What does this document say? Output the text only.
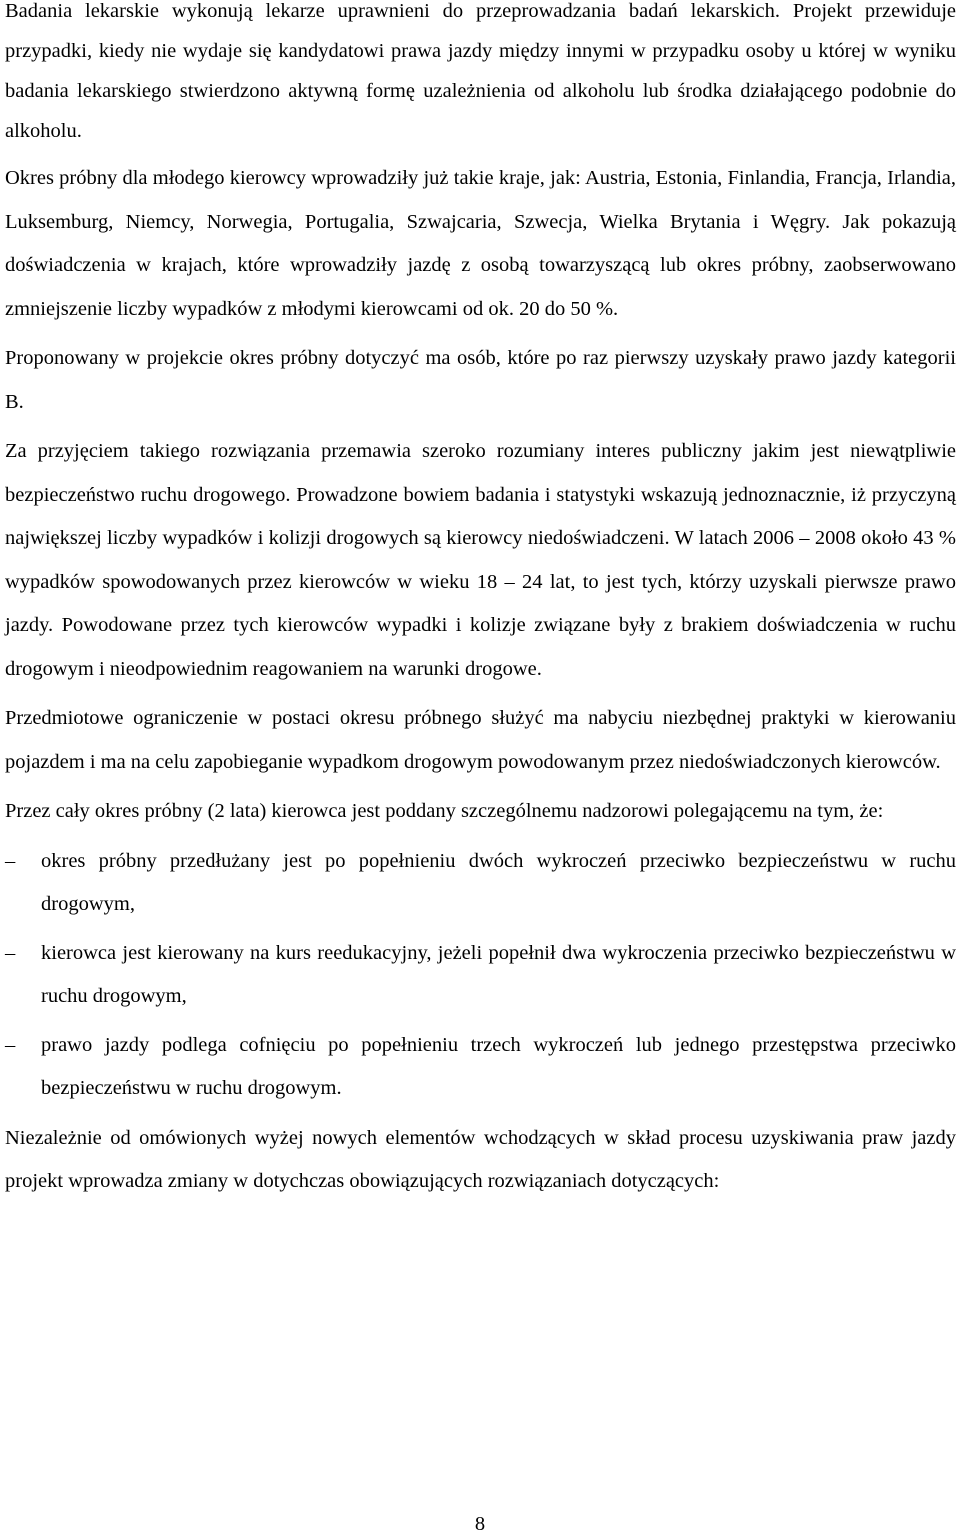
Badania lekarskie wykonują lekarze uprawnieni do przeprowadzania badań lekarskich. Projekt przewiduje przypadki, kiedy nie wydaje się kandydatowi prawa jazdy między innymi w przypadku osoby u której w wyniku badania lekarskiego stwierdzono aktywną formę uzależnienia od alkoholu lub środka działającego podobnie do alkoholu.

Okres próbny dla młodego kierowcy wprowadziły już takie kraje, jak: Austria, Estonia, Finlandia, Francja, Irlandia, Luksemburg, Niemcy, Norwegia, Portugalia, Szwajcaria, Szwecja, Wielka Brytania i Węgry. Jak pokazują doświadczenia w krajach, które wprowadziły jazdę z osobą towarzyszącą lub okres próbny, zaobserwowano zmniejszenie liczby wypadków z młodymi kierowcami od ok. 20 do 50 %.

Proponowany w projekcie okres próbny dotyczyć ma osób, które po raz pierwszy uzyskały prawo jazdy kategorii B.

Za przyjęciem takiego rozwiązania przemawia szeroko rozumiany interes publiczny jakim jest niewątpliwie bezpieczeństwo ruchu drogowego. Prowadzone bowiem badania i statystyki wskazują jednoznacznie, iż przyczyną największej liczby wypadków i kolizji drogowych są kierowcy niedoświadczeni. W latach 2006 – 2008 około 43 % wypadków spowodowanych przez kierowców w wieku 18 – 24 lat, to jest tych, którzy uzyskali pierwsze prawo jazdy. Powodowane przez tych kierowców wypadki i kolizje związane były z brakiem doświadczenia w ruchu drogowym i nieodpowiednim reagowaniem na warunki drogowe.

Przedmiotowe ograniczenie w postaci okresu próbnego służyć ma nabyciu niezbędnej praktyki w kierowaniu pojazdem i ma na celu zapobieganie wypadkom drogowym powodowanym przez niedoświadczonych kierowców.

Przez cały okres próbny (2 lata) kierowca jest poddany szczególnemu nadzorowi polegającemu na tym, że:

– okres próbny przedłużany jest po popełnieniu dwóch wykroczeń przeciwko bezpieczeństwu w ruchu drogowym,

– kierowca jest kierowany na kurs reedukacyjny, jeżeli popełnił dwa wykroczenia przeciwko bezpieczeństwu w ruchu drogowym,

– prawo jazdy podlega cofnięciu po popełnieniu trzech wykroczeń lub jednego przestępstwa przeciwko bezpieczeństwu w ruchu drogowym.

Niezależnie od omówionych wyżej nowych elementów wchodzących w skład procesu uzyskiwania praw jazdy projekt wprowadza zmiany w dotychczas obowiązujących rozwiązaniach dotyczących:

8
